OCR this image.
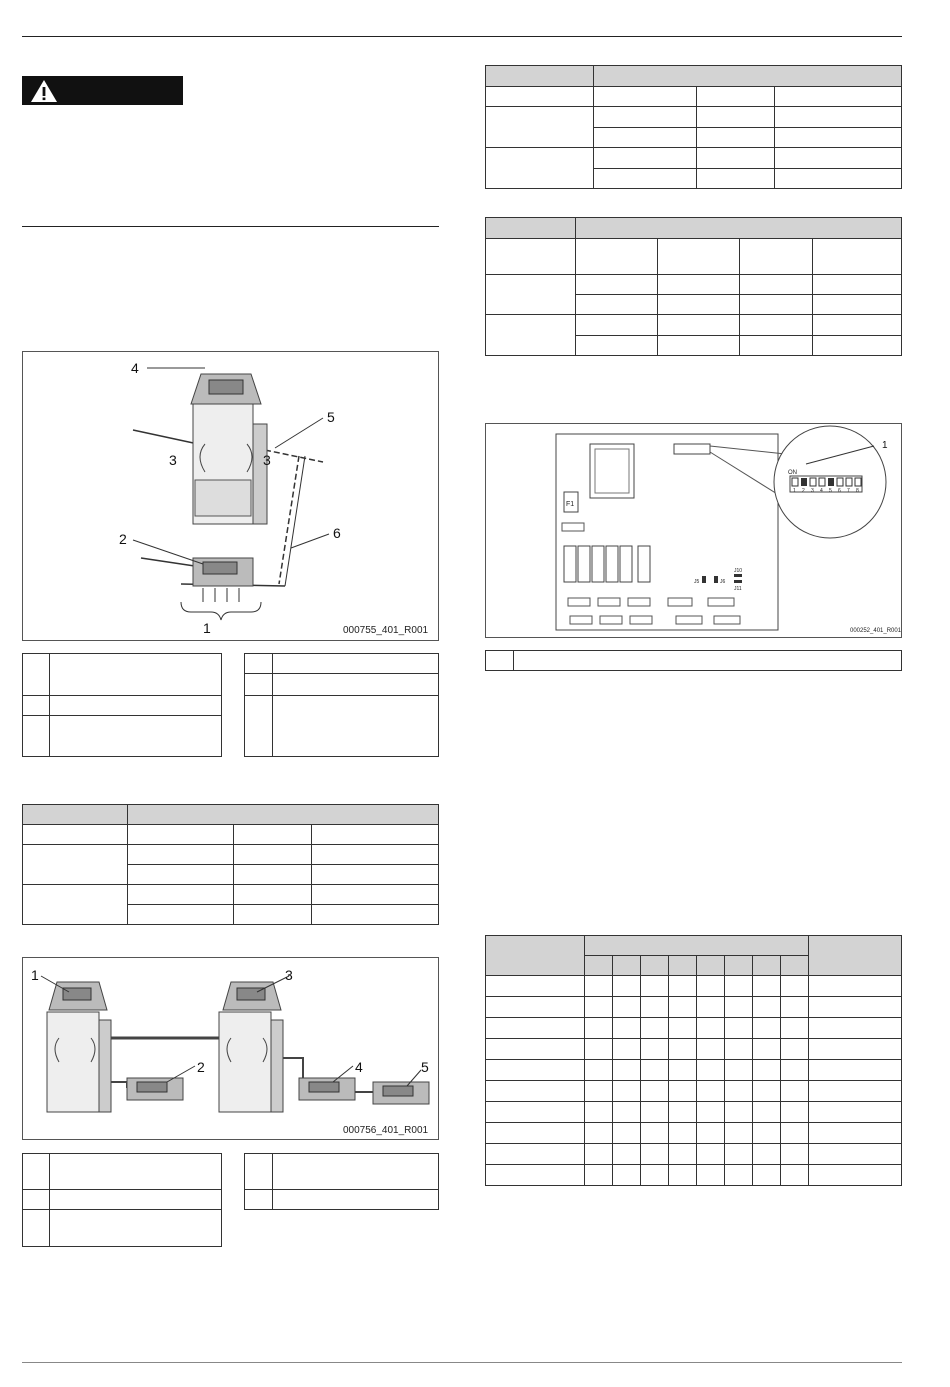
4
5
3	3
6
2
1	000755_401_R001

1	3
2	4	5
000756_401_R001

F1
J5	J6
J10
J11
ON
1 2 3 4 5 6 7 8
1
000252_401_R001
